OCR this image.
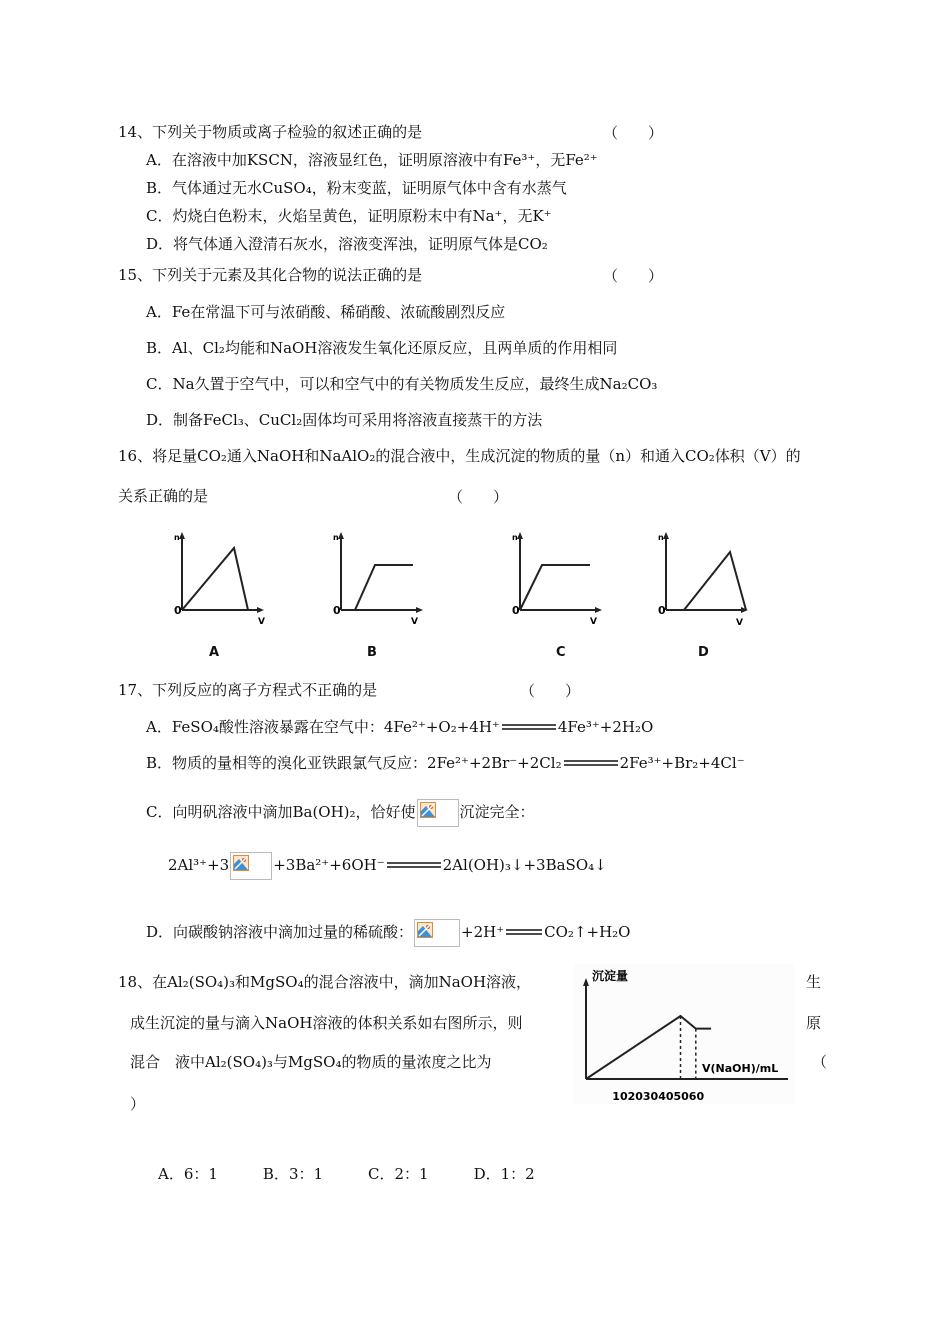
14、下列关于物质或离子检验的叙述正确的是	（　　）
A．在溶液中加KSCN，溶液显红色，证明原溶液中有Fe³⁺，无Fe²⁺
B．气体通过无水CuSO₄，粉末变蓝，证明原气体中含有水蒸气
C．灼烧白色粉末，火焰呈黄色，证明原粉末中有Na⁺，无K⁺
D．将气体通入澄清石灰水，溶液变浑浊，证明原气体是CO₂
15、下列关于元素及其化合物的说法正确的是	（　　）
A．Fe在常温下可与浓硝酸、稀硝酸、浓硫酸剧烈反应
B．Al、Cl₂均能和NaOH溶液发生氧化还原反应，且两单质的作用相同
C．Na久置于空气中，可以和空气中的有关物质发生反应，最终生成Na₂CO₃
D．制备FeCl₃、CuCl₂固体均可采用将溶液直接蒸干的方法
16、将足量CO₂通入NaOH和NaAlO₂的混合液中，生成沉淀的物质的量（n）和通入CO₂体积（V）的
关系正确的是	（　　）
n
0
V
A
n
0
V
B
n
0
V
C
n
0
V
D
17、下列反应的离子方程式不正确的是	（　　）
A．FeSO₄酸性溶液暴露在空气中：4Fe²⁺+O₂+4H⁺	4Fe³⁺+2H₂O
B．物质的量相等的溴化亚铁跟氯气反应：2Fe²⁺+2Br⁻+2Cl₂	2Fe³⁺+Br₂+4Cl⁻
C．向明矾溶液中滴加Ba(OH)₂，恰好使	沉淀完全：
2Al³⁺+3	+3Ba²⁺+6OH⁻	2Al(OH)₃↓+3BaSO₄↓
D．向碳酸钠溶液中滴加过量的稀硫酸：	+2H⁺	CO₂↑+H₂O
18、在Al₂(SO₄)₃和MgSO₄的混合溶液中，滴加NaOH溶液，	生
成生沉淀的量与滴入NaOH溶液的体积关系如右图所示，则	原
混合　液中Al₂(SO₄)₃与MgSO₄的物质的量浓度之比为	（
）
沉淀量
V(NaOH)/mL
10 20 30 40 50 60
A．6：1　　　B．3：1　　　C．2：1　　　D．1：2
